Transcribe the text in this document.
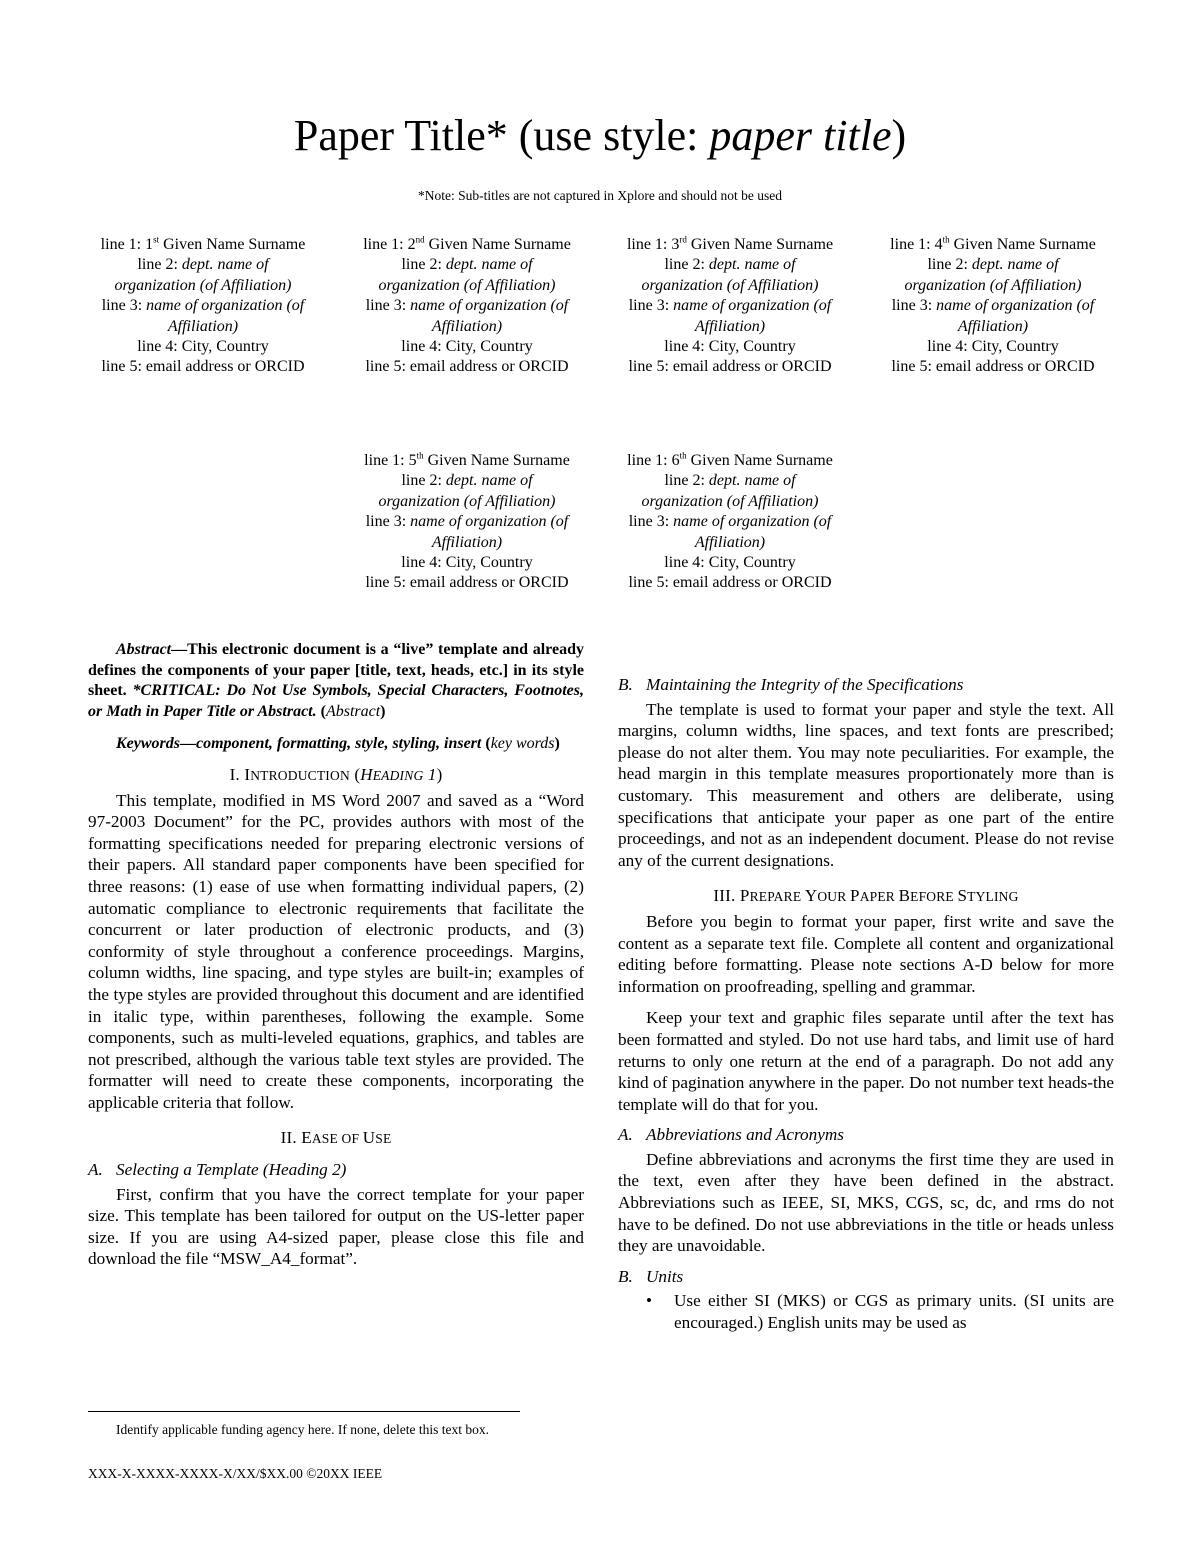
Paper Title* (use style: paper title)
*Note: Sub-titles are not captured in Xplore and should not be used
line 1: 1st Given Name Surname
line 2: dept. name of
organization (of Affiliation)
line 3: name of organization (of
Affiliation)
line 4: City, Country
line 5: email address or ORCID
line 1: 2nd Given Name Surname
line 2: dept. name of
organization (of Affiliation)
line 3: name of organization (of
Affiliation)
line 4: City, Country
line 5: email address or ORCID
line 1: 3rd Given Name Surname
line 2: dept. name of
organization (of Affiliation)
line 3: name of organization (of
Affiliation)
line 4: City, Country
line 5: email address or ORCID
line 1: 4th Given Name Surname
line 2: dept. name of
organization (of Affiliation)
line 3: name of organization (of
Affiliation)
line 4: City, Country
line 5: email address or ORCID
line 1: 5th Given Name Surname
line 2: dept. name of
organization (of Affiliation)
line 3: name of organization (of
Affiliation)
line 4: City, Country
line 5: email address or ORCID
line 1: 6th Given Name Surname
line 2: dept. name of
organization (of Affiliation)
line 3: name of organization (of
Affiliation)
line 4: City, Country
line 5: email address or ORCID

Abstract—This electronic document is a “live” template and already defines the components of your paper [title, text, heads, etc.] in its style sheet. *CRITICAL: Do Not Use Symbols, Special Characters, Footnotes, or Math in Paper Title or Abstract. (Abstract)

Keywords—component, formatting, style, styling, insert (key words)

I. INTRODUCTION (HEADING 1)

This template, modified in MS Word 2007 and saved as a “Word 97-2003 Document” for the PC, provides authors with most of the formatting specifications needed for preparing electronic versions of their papers. All standard paper components have been specified for three reasons: (1) ease of use when formatting individual papers, (2) automatic compliance to electronic requirements that facilitate the concurrent or later production of electronic products, and (3) conformity of style throughout a conference proceedings. Margins, column widths, line spacing, and type styles are built-in; examples of the type styles are provided throughout this document and are identified in italic type, within parentheses, following the example. Some components, such as multi-leveled equations, graphics, and tables are not prescribed, although the various table text styles are provided. The formatter will need to create these components, incorporating the applicable criteria that follow.

II. EASE OF USE
A. Selecting a Template (Heading 2)

First, confirm that you have the correct template for your paper size. This template has been tailored for output on the US-letter paper size. If you are using A4-sized paper, please close this file and download the file “MSW_A4_format”.

B. Maintaining the Integrity of the Specifications

The template is used to format your paper and style the text. All margins, column widths, line spaces, and text fonts are prescribed; please do not alter them. You may note peculiarities. For example, the head margin in this template measures proportionately more than is customary. This measurement and others are deliberate, using specifications that anticipate your paper as one part of the entire proceedings, and not as an independent document. Please do not revise any of the current designations.

III. PREPARE YOUR PAPER BEFORE STYLING

Before you begin to format your paper, first write and save the content as a separate text file. Complete all content and organizational editing before formatting. Please note sections A-D below for more information on proofreading, spelling and grammar.

Keep your text and graphic files separate until after the text has been formatted and styled. Do not use hard tabs, and limit use of hard returns to only one return at the end of a paragraph. Do not add any kind of pagination anywhere in the paper. Do not number text heads-the template will do that for you.

A. Abbreviations and Acronyms

Define abbreviations and acronyms the first time they are used in the text, even after they have been defined in the abstract. Abbreviations such as IEEE, SI, MKS, CGS, sc, dc, and rms do not have to be defined. Do not use abbreviations in the title or heads unless they are unavoidable.

B. Units
• Use either SI (MKS) or CGS as primary units. (SI units are encouraged.) English units may be used as
Identify applicable funding agency here. If none, delete this text box.
XXX-X-XXXX-XXXX-X/XX/$XX.00 ©20XX IEEE
